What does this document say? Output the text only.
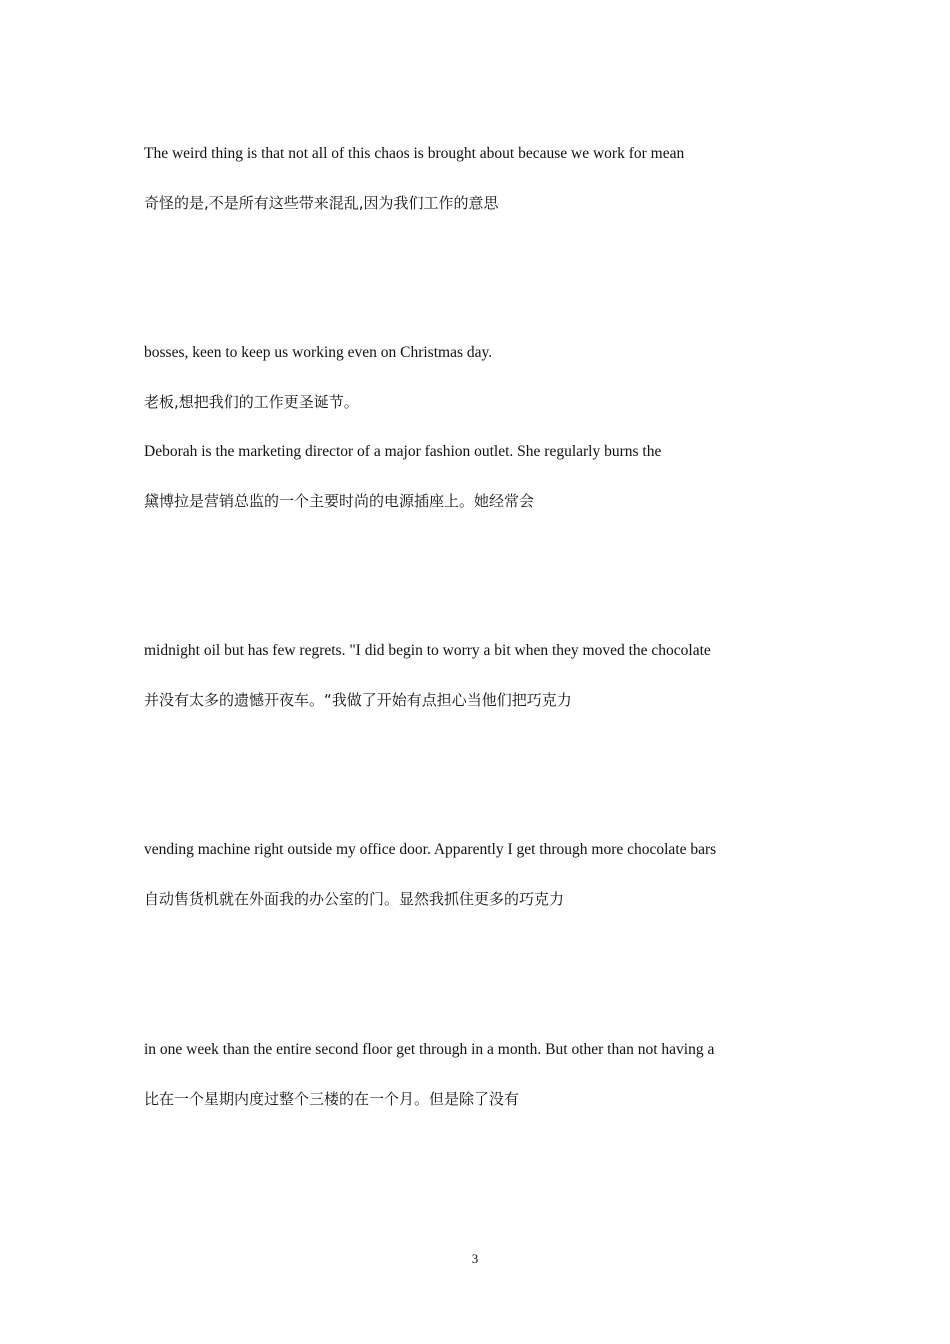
The weird thing is that not all of this chaos is brought about because we work for mean
奇怪的是,不是所有这些带来混乱,因为我们工作的意思
bosses, keen to keep us working even on Christmas day.
老板,想把我们的工作更圣诞节。
Deborah is the marketing director of a major fashion outlet. She regularly burns the
黛博拉是营销总监的一个主要时尚的电源插座上。她经常会
midnight oil but has few regrets. "I did begin to worry a bit when they moved the chocolate
并没有太多的遗憾开夜车。“我做了开始有点担心当他们把巧克力
vending machine right outside my office door. Apparently I get through more chocolate bars
自动售货机就在外面我的办公室的门。显然我抓住更多的巧克力
in one week than the entire second floor get through in a month. But other than not having a
比在一个星期内度过整个三楼的在一个月。但是除了没有
3
